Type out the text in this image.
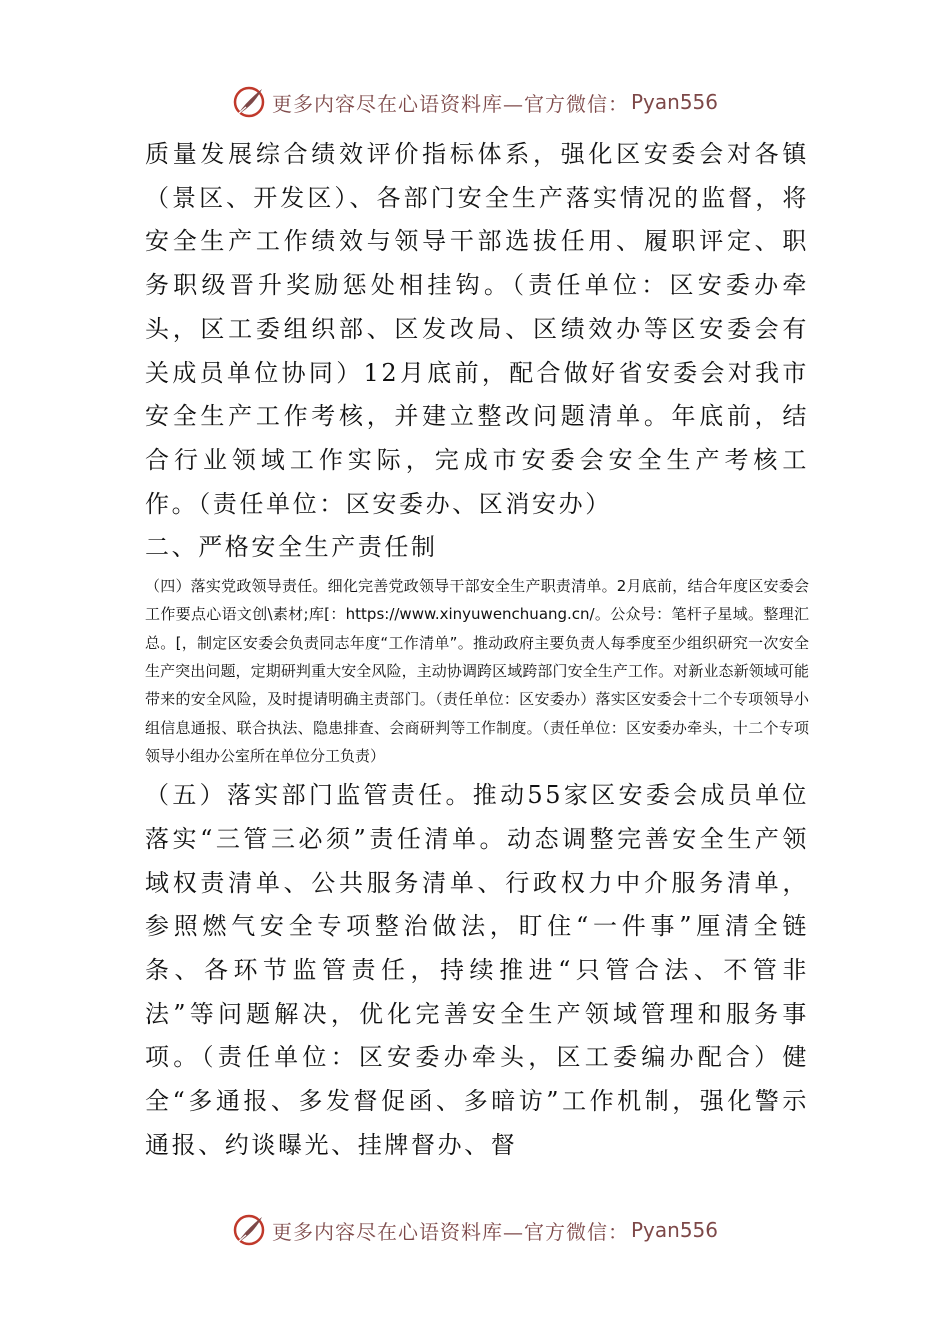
更多内容尽在心语资料库—官方微信： Pyan556

质量发展综合绩效评价指标体系，强化区安委会对各镇（景区、开发区）、各部门安全生产落实情况的监督，将安全生产工作绩效与领导干部选拔任用、履职评定、职务职级晋升奖励惩处相挂钩。（责任单位：区安委办牵头，区工委组织部、区发改局、区绩效办等区安委会有关成员单位协同）12月底前，配合做好省安委会对我市安全生产工作考核，并建立整改问题清单。年底前，结合行业领域工作实际，完成市安委会安全生产考核工作。（责任单位：区安委办、区消安办）

二、严格安全生产责任制

（四）落实党政领导责任。细化完善党政领导干部安全生产职责清单。2月底前，结合年度区安委会工作要点心语文创\素材;库[：https://www.xinyuwenchuang.cn/。公众号：笔杆子星域。整理汇总。[，制定区安委会负责同志年度“工作清单”。推动政府主要负责人每季度至少组织研究一次安全生产突出问题，定期研判重大安全风险，主动协调跨区域跨部门安全生产工作。对新业态新领域可能带来的安全风险，及时提请明确主责部门。（责任单位：区安委办）落实区安委会十二个专项领导小组信息通报、联合执法、隐患排查、会商研判等工作制度。（责任单位：区安委办牵头，十二个专项领导小组办公室所在单位分工负责）

（五）落实部门监管责任。推动55家区安委会成员单位落实“三管三必须”责任清单。动态调整完善安全生产领域权责清单、公共服务清单、行政权力中介服务清单，参照燃气安全专项整治做法，盯住“一件事”厘清全链条、各环节监管责任，持续推进“只管合法、不管非法”等问题解决，优化完善安全生产领域管理和服务事项。（责任单位：区安委办牵头，区工委编办配合）健全“多通报、多发督促函、多暗访”工作机制，强化警示通报、约谈曝光、挂牌督办、督

更多内容尽在心语资料库—官方微信： Pyan556
